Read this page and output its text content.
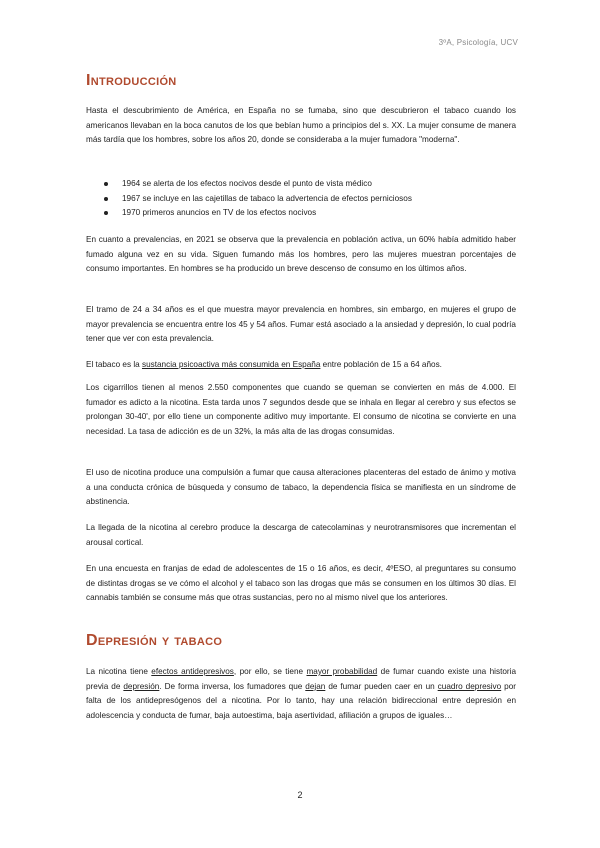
3ºA, Psicología, UCV
Introducción

Hasta el descubrimiento de América, en España no se fumaba, sino que descubrieron el tabaco cuando los americanos llevaban en la boca canutos de los que bebían humo a principios del s. XX. La mujer consume de manera más tardía que los hombres, sobre los años 20, donde se consideraba a la mujer fumadora "moderna".

1964 se alerta de los efectos nocivos desde el punto de vista médico
1967 se incluye en las cajetillas de tabaco la advertencia de efectos perniciosos
1970 primeros anuncios en TV de los efectos nocivos

En cuanto a prevalencias, en 2021 se observa que la prevalencia en población activa, un 60% había admitido haber fumado alguna vez en su vida. Siguen fumando más los hombres, pero las mujeres muestran porcentajes de consumo importantes. En hombres se ha producido un breve descenso de consumo en los últimos años.

El tramo de 24 a 34 años es el que muestra mayor prevalencia en hombres, sin embargo, en mujeres el grupo de mayor prevalencia se encuentra entre los 45 y 54 años. Fumar está asociado a la ansiedad y depresión, lo cual podría tener que ver con esta prevalencia.

El tabaco es la sustancia psicoactiva más consumida en España entre población de 15 a 64 años.

Los cigarrillos tienen al menos 2.550 componentes que cuando se queman se convierten en más de 4.000. El fumador es adicto a la nicotina. Esta tarda unos 7 segundos desde que se inhala en llegar al cerebro y sus efectos se prolongan 30-40', por ello tiene un componente aditivo muy importante. El consumo de nicotina se convierte en una necesidad. La tasa de adicción es de un 32%, la más alta de las drogas consumidas.

El uso de nicotina produce una compulsión a fumar que causa alteraciones placenteras del estado de ánimo y motiva a una conducta crónica de búsqueda y consumo de tabaco, la dependencia física se manifiesta en un síndrome de abstinencia.

La llegada de la nicotina al cerebro produce la descarga de catecolaminas y neurotransmisores que incrementan el arousal cortical.

En una encuesta en franjas de edad de adolescentes de 15 o 16 años, es decir, 4ºESO, al preguntares su consumo de distintas drogas se ve cómo el alcohol y el tabaco son las drogas que más se consumen en los últimos 30 días. El cannabis también se consume más que otras sustancias, pero no al mismo nivel que los anteriores.

Depresión y tabaco

La nicotina tiene efectos antidepresivos, por ello, se tiene mayor probabilidad de fumar cuando existe una historia previa de depresión. De forma inversa, los fumadores que dejan de fumar pueden caer en un cuadro depresivo por falta de los antidepresógenos del a nicotina. Por lo tanto, hay una relación bidireccional entre depresión en adolescencia y conducta de fumar, baja autoestima, baja asertividad, afiliación a grupos de iguales…

2
